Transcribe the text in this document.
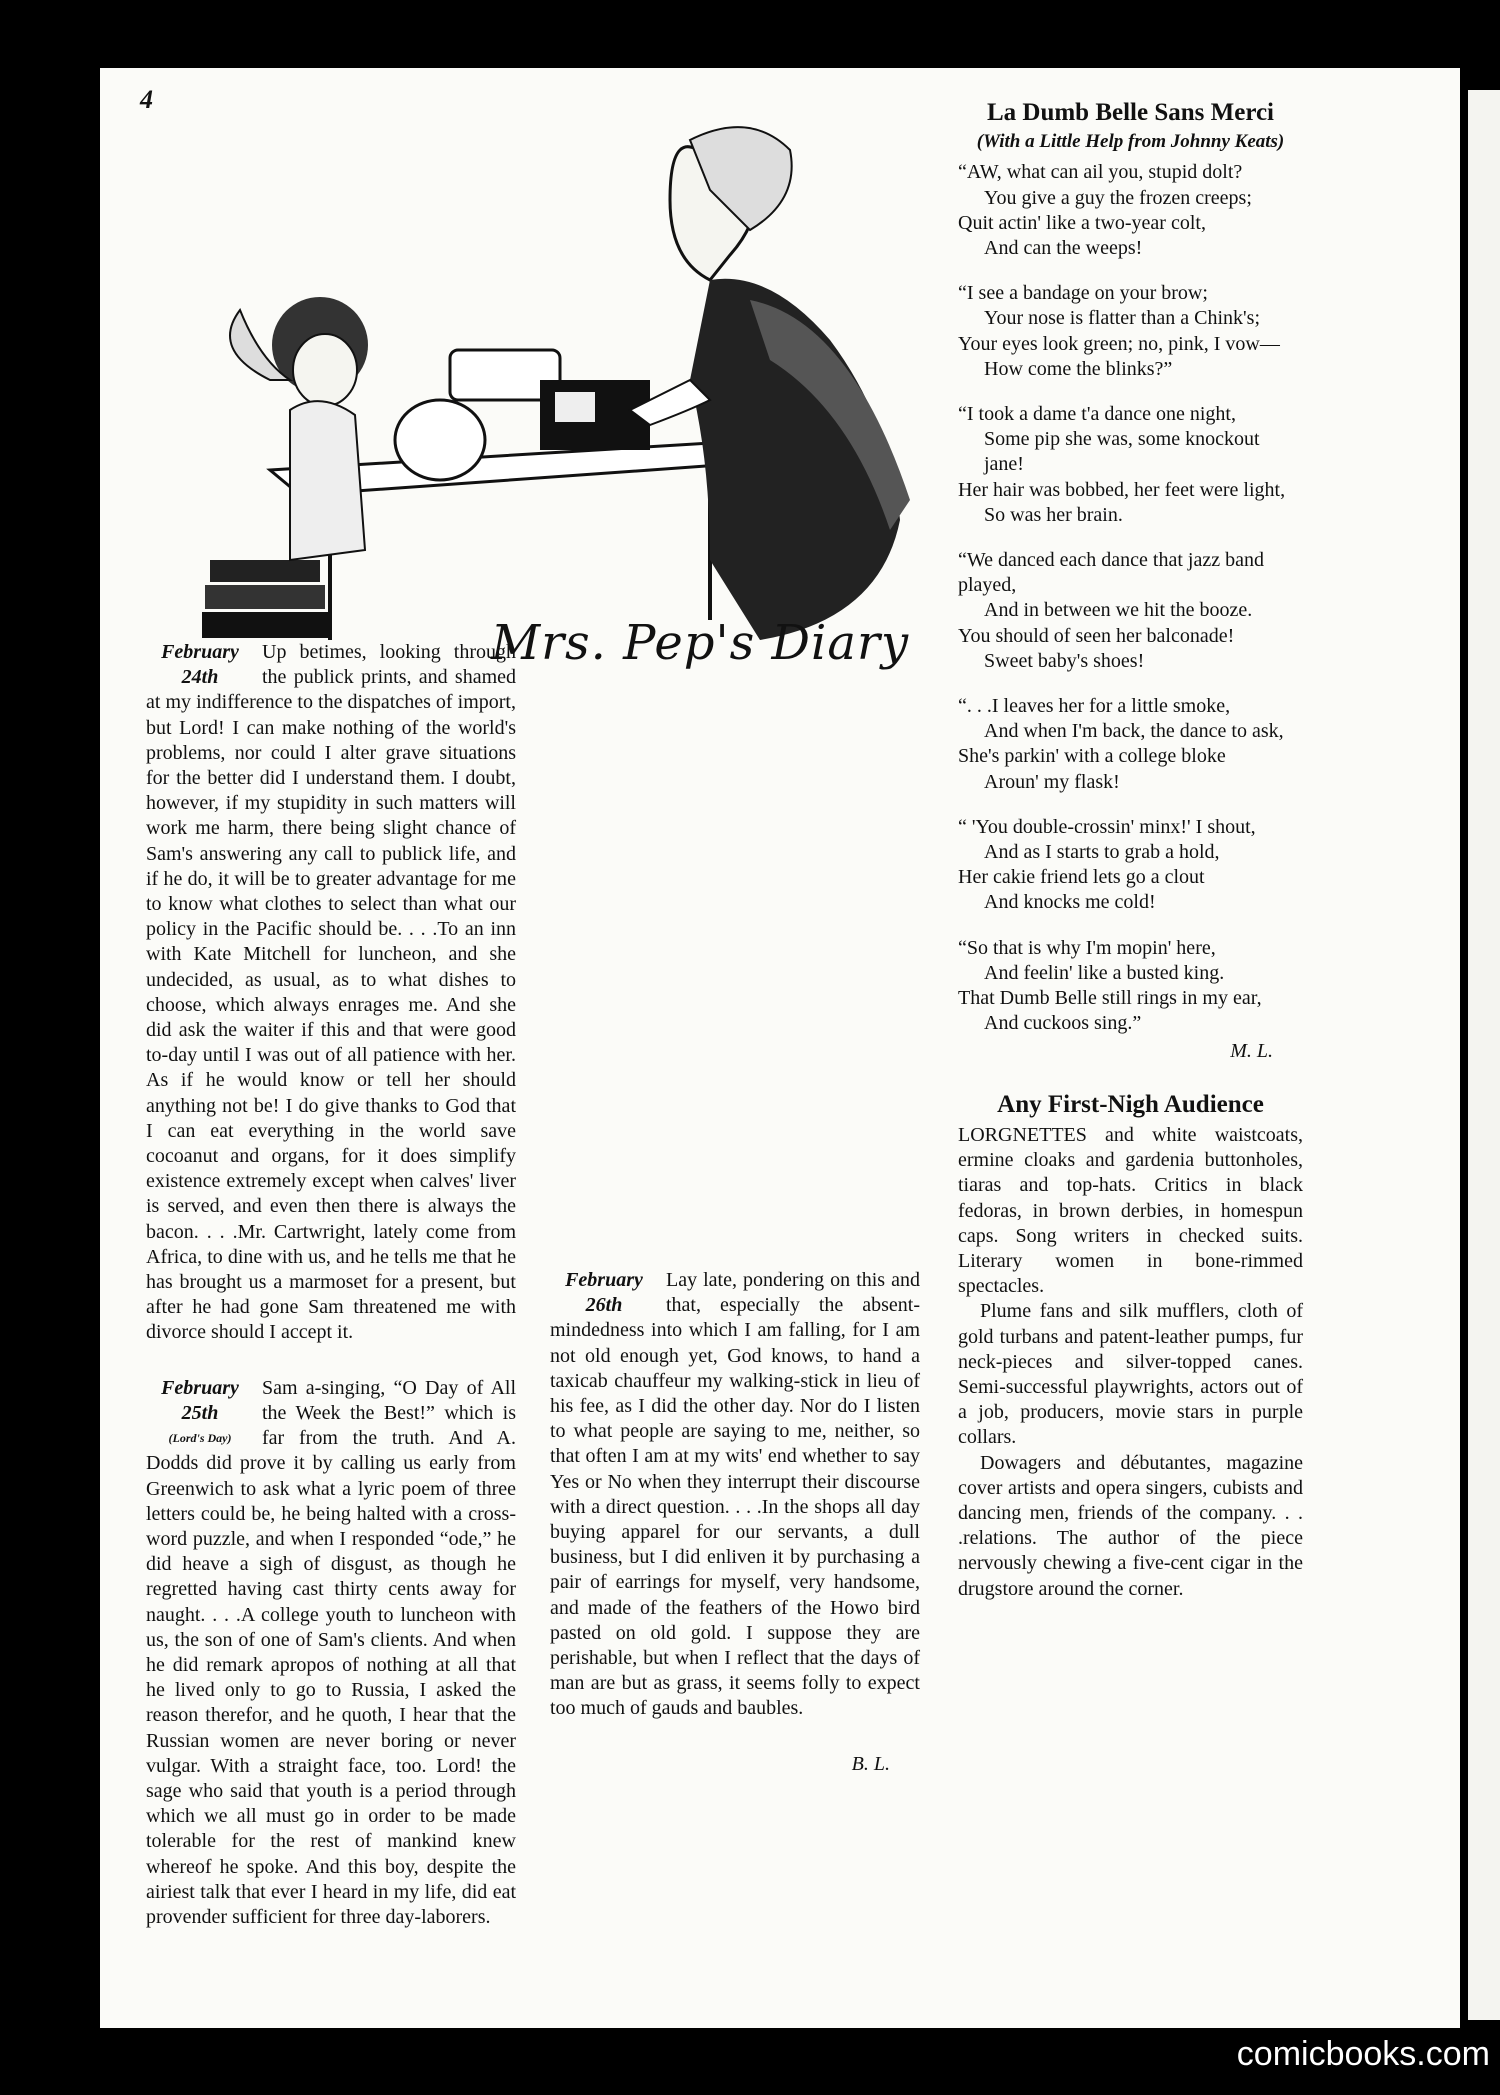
4
Mrs. Pep's Diary
February
24th

Up betimes, looking through the publick prints, and shamed at my indifference to the dispatches of import, but Lord! I can make nothing of the world's problems, nor could I alter grave situations for the better did I understand them. I doubt, however, if my stupidity in such matters will work me harm, there being slight chance of Sam's answering any call to publick life, and if he do, it will be to greater advantage for me to know what clothes to select than what our policy in the Pacific should be. . . .To an inn with Kate Mitchell for luncheon, and she undecided, as usual, as to what dishes to choose, which always enrages me. And she did ask the waiter if this and that were good to-day until I was out of all patience with her. As if he would know or tell her should anything not be! I do give thanks to God that I can eat everything in the world save cocoanut and organs, for it does simplify existence extremely except when calves' liver is served, and even then there is always the bacon. . . .Mr. Cartwright, lately come from Africa, to dine with us, and he tells me that he has brought us a marmoset for a present, but after he had gone Sam threatened me with divorce should I accept it.

February
25th
(Lord's Day)

Sam a-singing, “O Day of All the Week the Best!” which is far from the truth. And A. Dodds did prove it by calling us early from Greenwich to ask what a lyric poem of three letters could be, he being halted with a cross-word puzzle, and when I responded “ode,” he did heave a sigh of disgust, as though he regretted having cast thirty cents away for naught. . . .A college youth to luncheon with us, the son of one of Sam's clients. And when he did remark apropos of nothing at all that he lived only to go to Russia, I asked the reason therefor, and he quoth, I hear that the Russian women are never boring or never vulgar. With a straight face, too. Lord! the sage who said that youth is a period through which we all must go in order to be made tolerable for the rest of mankind knew whereof he spoke. And this boy, despite the airiest talk that ever I heard in my life, did eat provender sufficient for three day-laborers.

February
26th

Lay late, pondering on this and that, especially the absent-mindedness into which I am falling, for I am not old enough yet, God knows, to hand a taxicab chauffeur my walking-stick in lieu of his fee, as I did the other day. Nor do I listen to what people are saying to me, neither, so that often I am at my wits' end whether to say Yes or No when they interrupt their discourse with a direct question. . . .In the shops all day buying apparel for our servants, a dull business, but I did enliven it by purchasing a pair of earrings for myself, very handsome, and made of the feathers of the Howo bird pasted on old gold. I suppose they are perishable, but when I reflect that the days of man are but as grass, it seems folly to expect too much of gauds and baubles.

B. L.
La Dumb Belle Sans Merci
(With a Little Help from Johnny Keats)
“AW, what can ail you, stupid dolt?
You give a guy the frozen creeps;
Quit actin' like a two-year colt,
And can the weeps!
“I see a bandage on your brow;
Your nose is flatter than a Chink's;
Your eyes look green; no, pink, I vow—
How come the blinks?”
“I took a dame t'a dance one night,
Some pip she was, some knockout jane!
Her hair was bobbed, her feet were light,
So was her brain.
“We danced each dance that jazz band played,
And in between we hit the booze.
You should of seen her balconade!
Sweet baby's shoes!
“. . .I leaves her for a little smoke,
And when I'm back, the dance to ask,
She's parkin' with a college bloke
Aroun' my flask!
“ 'You double-crossin' minx!' I shout,
And as I starts to grab a hold,
Her cakie friend lets go a clout
And knocks me cold!
“So that is why I'm mopin' here,
And feelin' like a busted king.
That Dumb Belle still rings in my ear,
And cuckoos sing.”
M. L.
Any First-Nigh Audience

LORGNETTES and white waistcoats, ermine cloaks and gardenia buttonholes, tiaras and top-hats. Critics in black fedoras, in brown derbies, in homespun caps. Song writers in checked suits. Literary women in bone-rimmed spectacles.

Plume fans and silk mufflers, cloth of gold turbans and patent-leather pumps, fur neck-pieces and silver-topped canes. Semi-successful playwrights, actors out of a job, producers, movie stars in purple collars.

Dowagers and débutantes, magazine cover artists and opera singers, cubists and dancing men, friends of the company. . . .relations. The author of the piece nervously chewing a five-cent cigar in the drugstore around the corner.

comicbooks.com
